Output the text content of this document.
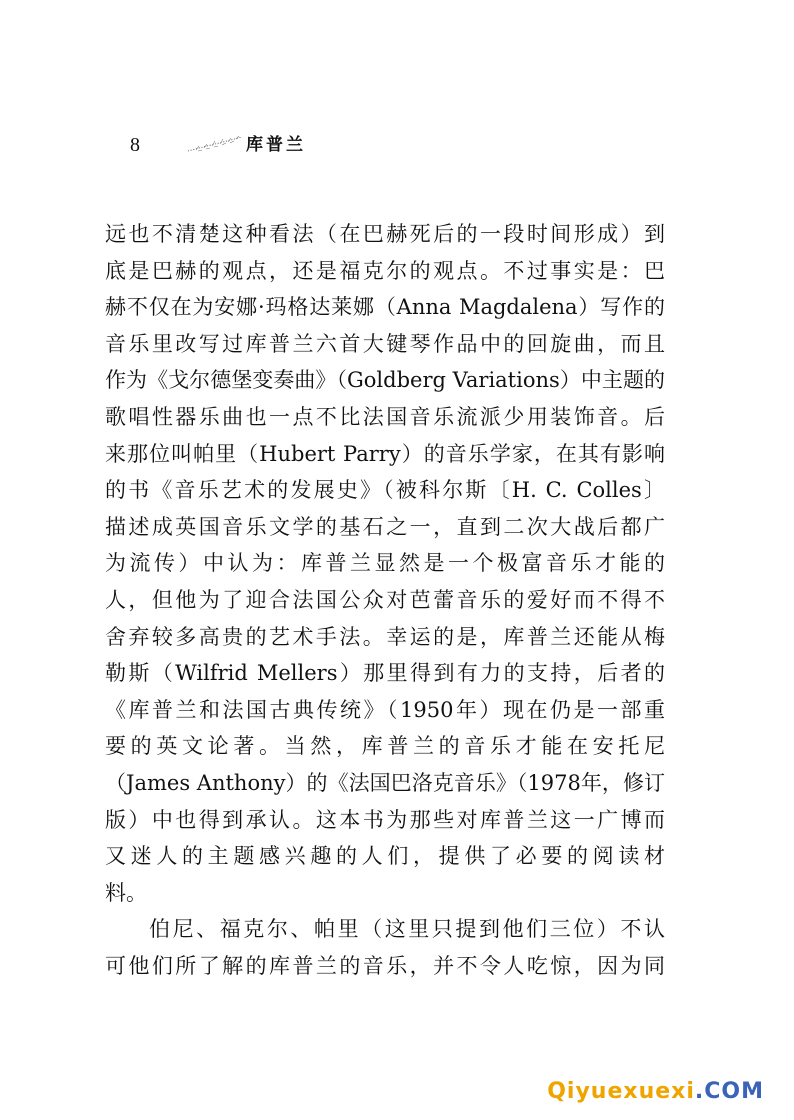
8	库普兰
远也不清楚这种看法（在巴赫死后的一段时间形成）到
底是巴赫的观点，还是福克尔的观点。不过事实是：巴
赫不仅在为安娜·玛格达莱娜（Anna Magdalena）写作的
音乐里改写过库普兰六首大键琴作品中的回旋曲，而且
作为《戈尔德堡变奏曲》（Goldberg Variations）中主题的
歌唱性器乐曲也一点不比法国音乐流派少用装饰音。后
来那位叫帕里（Hubert Parry）的音乐学家，在其有影响
的书《音乐艺术的发展史》（被科尔斯〔H. C. Colles〕
描述成英国音乐文学的基石之一，直到二次大战后都广
为流传）中认为：库普兰显然是一个极富音乐才能的
人，但他为了迎合法国公众对芭蕾音乐的爱好而不得不
舍弃较多高贵的艺术手法。幸运的是，库普兰还能从梅
勒斯（Wilfrid Mellers）那里得到有力的支持，后者的
《库普兰和法国古典传统》（1950年）现在仍是一部重
要的英文论著。当然，库普兰的音乐才能在安托尼
（James Anthony）的《法国巴洛克音乐》（1978年，修订
版）中也得到承认。这本书为那些对库普兰这一广博而
又迷人的主题感兴趣的人们，提供了必要的阅读材
料。
伯尼、福克尔、帕里（这里只提到他们三位）不认
可他们所了解的库普兰的音乐，并不令人吃惊，因为同
Qiyuexuexi.COM
